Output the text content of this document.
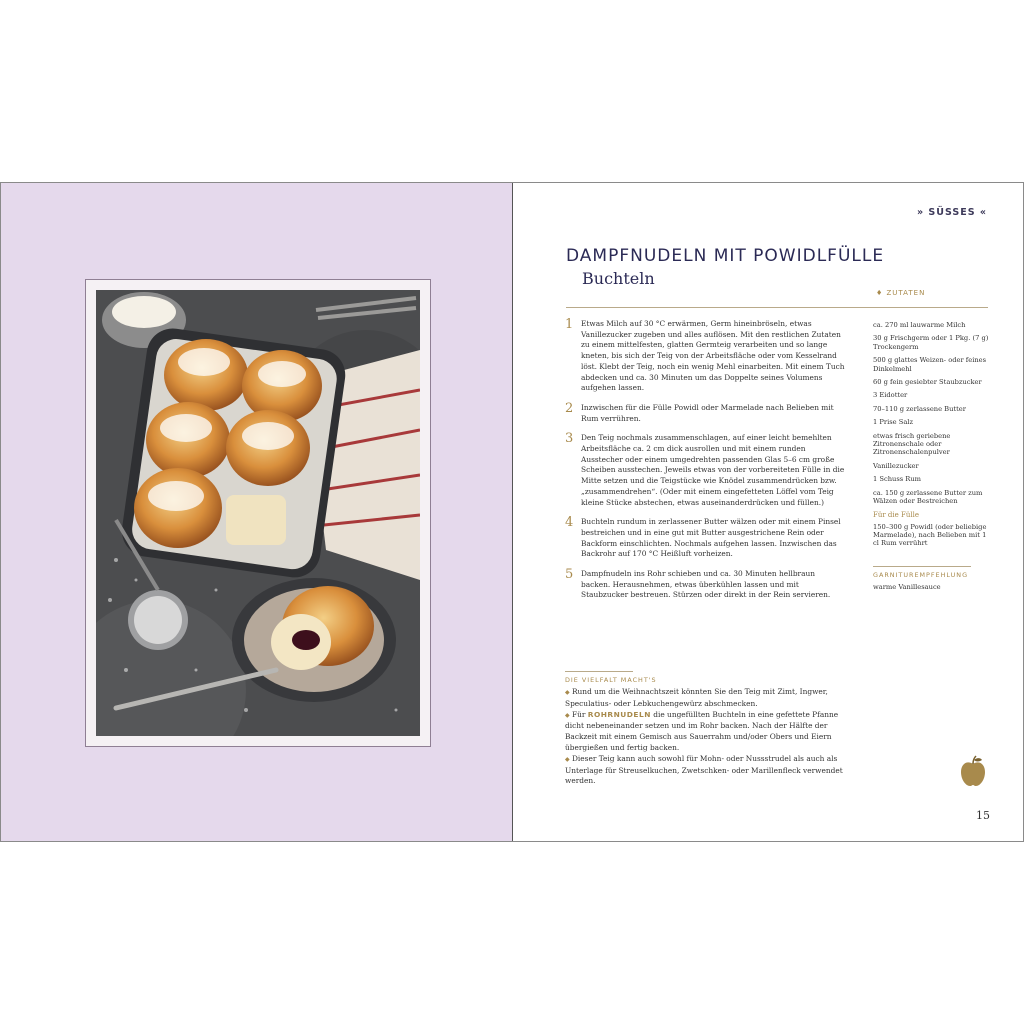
» SÜSSES «
DAMPFNUDELN MIT POWIDLFÜLLE
Buchteln
♦ ZUTATEN
1	Etwas Milch auf 30 °C erwärmen, Germ hineinbröseln, etwas Vanillezucker zugeben und alles auflösen. Mit den restlichen Zutaten zu einem mittelfesten, glatten Germteig verarbeiten und so lange kneten, bis sich der Teig von der Arbeitsfläche oder vom Kesselrand löst. Klebt der Teig, noch ein wenig Mehl einarbeiten. Mit einem Tuch abdecken und ca. 30 Minuten um das Doppelte seines Volumens aufgehen lassen.
2	Inzwischen für die Fülle Powidl oder Marmelade nach Belieben mit Rum verrühren.
3	Den Teig nochmals zusammenschlagen, auf einer leicht bemehlten Arbeitsfläche ca. 2 cm dick ausrollen und mit einem runden Ausstecher oder einem umgedrehten passenden Glas 5–6 cm große Scheiben ausstechen. Jeweils etwas von der vorbereiteten Fülle in die Mitte setzen und die Teigstücke wie Knödel zusammendrücken bzw. „zusammendrehen“. (Oder mit einem eingefetteten Löffel vom Teig kleine Stücke abstechen, etwas auseinanderdrücken und füllen.)
4	Buchteln rundum in zerlassener Butter wälzen oder mit einem Pinsel bestreichen und in eine gut mit Butter ausgestrichene Rein oder Backform einschlichten. Nochmals aufgehen lassen. Inzwischen das Backrohr auf 170 °C Heißluft vorheizen.
5	Dampfnudeln ins Rohr schieben und ca. 30 Minuten hellbraun backen. Herausnehmen, etwas überkühlen lassen und mit Staubzucker bestreuen. Stürzen oder direkt in der Rein servieren.
ca. 270 ml lauwarme Milch
30 g Frischgerm oder 1 Pkg. (7 g) Trockengerm
500 g glattes Weizen- oder feines Dinkelmehl
60 g fein gesiebter Staubzucker
3 Eidotter
70–110 g zerlassene Butter
1 Prise Salz
etwas frisch geriebene Zitronenschale oder Zitronenschalenpulver
Vanillezucker
1 Schuss Rum
ca. 150 g zerlassene Butter zum Wälzen oder Bestreichen
Für die Fülle
150–300 g Powidl (oder beliebige Marmelade), nach Belieben mit 1 cl Rum verrührt
GARNITUREMPFEHLUNG
warme Vanillesauce
DIE VIELFALT MACHT'S
◆ Rund um die Weihnachtszeit könnten Sie den Teig mit Zimt, Ingwer, Speculatius- oder Lebkuchengewürz abschmecken.
◆ Für ROHRNUDELN die ungefüllten Buchteln in eine gefettete Pfanne dicht nebeneinander setzen und im Rohr backen. Nach der Hälfte der Backzeit mit einem Gemisch aus Sauerrahm und/oder Obers und Eiern übergießen und fertig backen.
◆ Dieser Teig kann auch sowohl für Mohn- oder Nussstrudel als auch als Unterlage für Streuselkuchen, Zwetschken- oder Marillenfleck verwendet werden.
15
